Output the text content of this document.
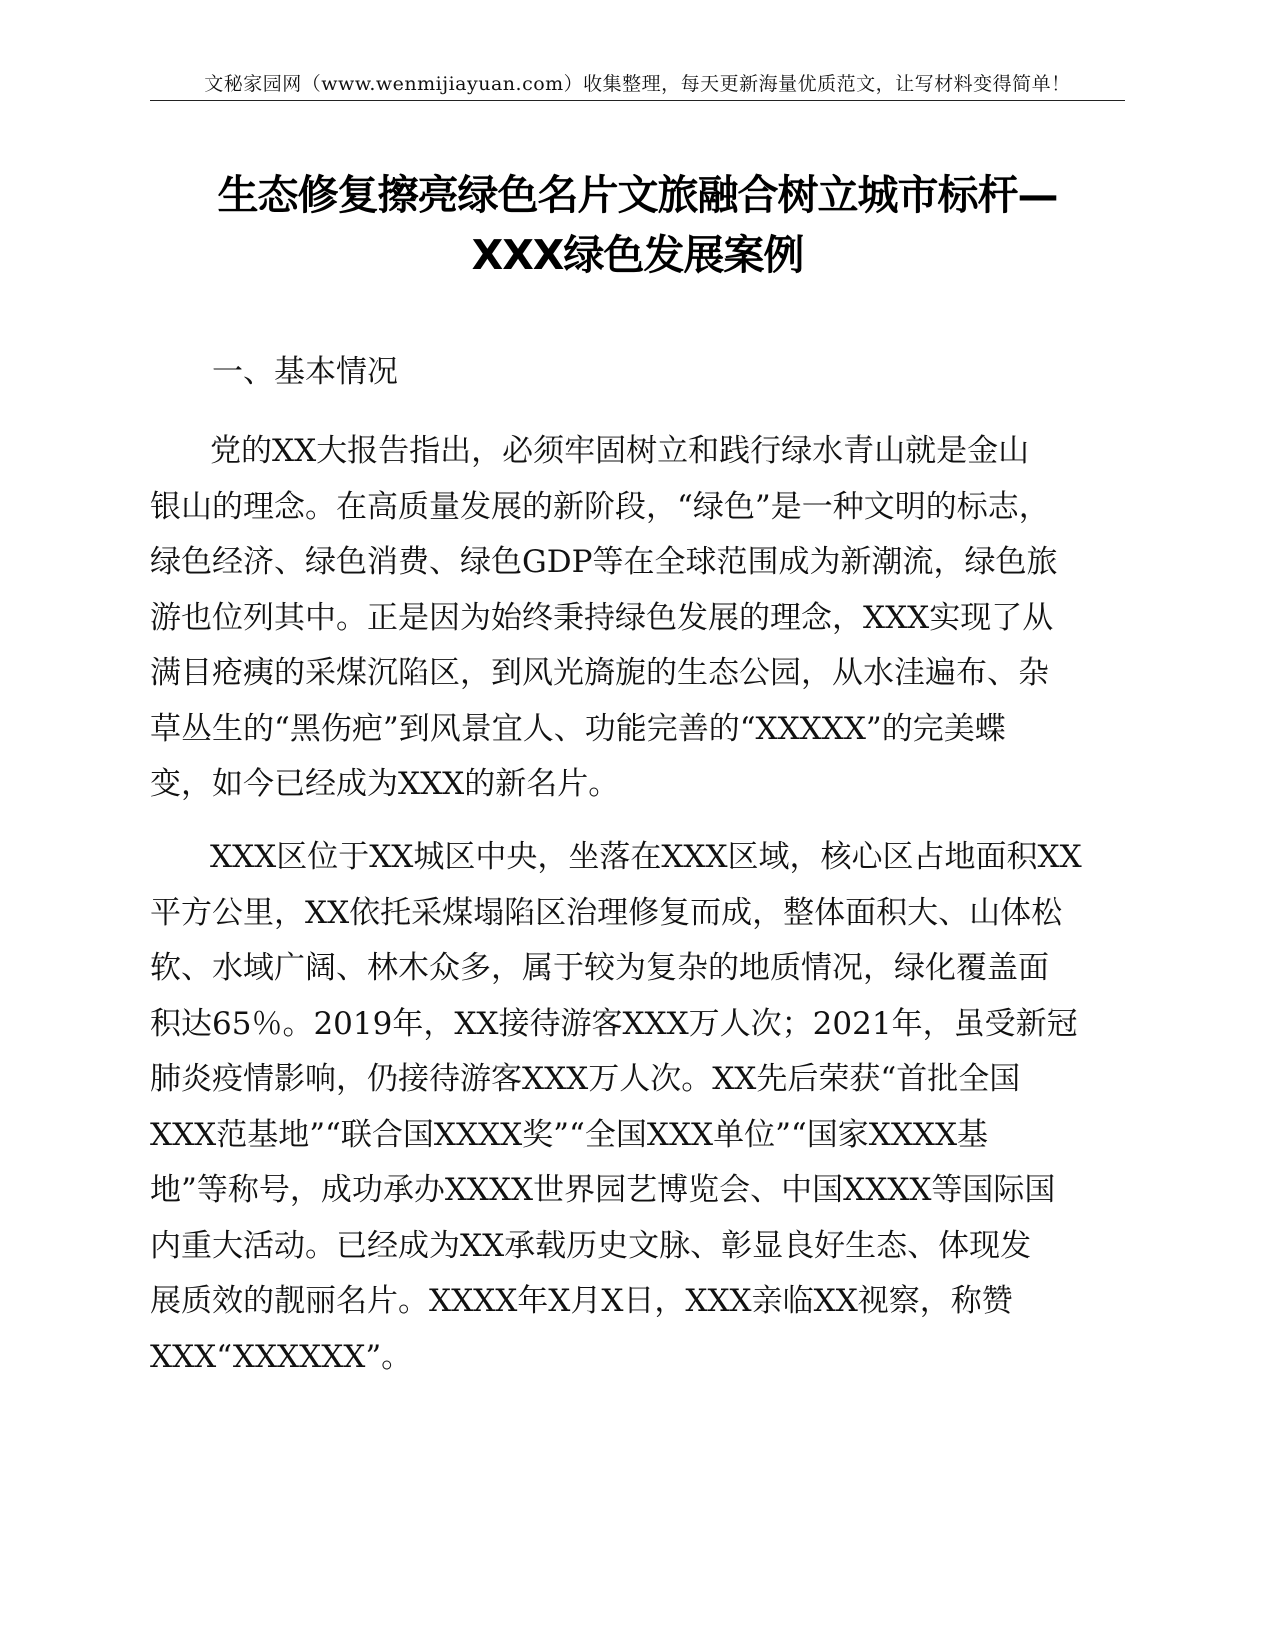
文秘家园网（www.wenmijiayuan.com）收集整理，每天更新海量优质范文，让写材料变得简单！
生态修复擦亮绿色名片文旅融合树立城市标杆—
XXX绿色发展案例
一、基本情况
党的XX大报告指出，必须牢固树立和践行绿水青山就是金山
银山的理念。在高质量发展的新阶段，“绿色”是一种文明的标志，
绿色经济、绿色消费、绿色GDP等在全球范围成为新潮流，绿色旅
游也位列其中。正是因为始终秉持绿色发展的理念，XXX实现了从
满目疮痍的采煤沉陷区，到风光旖旎的生态公园，从水洼遍布、杂
草丛生的“黑伤疤”到风景宜人、功能完善的“XXXXX”的完美蝶
变，如今已经成为XXX的新名片。
XXX区位于XX城区中央，坐落在XXX区域，核心区占地面积XX
平方公里，XX依托采煤塌陷区治理修复而成，整体面积大、山体松
软、水域广阔、林木众多，属于较为复杂的地质情况，绿化覆盖面
积达65％。2019年，XX接待游客XXX万人次；2021年，虽受新冠
肺炎疫情影响，仍接待游客XXX万人次。XX先后荣获“首批全国
XXX范基地”“联合国XXXX奖”“全国XXX单位”“国家XXXX基
地”等称号，成功承办XXXX世界园艺博览会、中国XXXX等国际国
内重大活动。已经成为XX承载历史文脉、彰显良好生态、体现发
展质效的靓丽名片。XXXX年X月X日，XXX亲临XX视察，称赞
XXX“XXXXXX”。
